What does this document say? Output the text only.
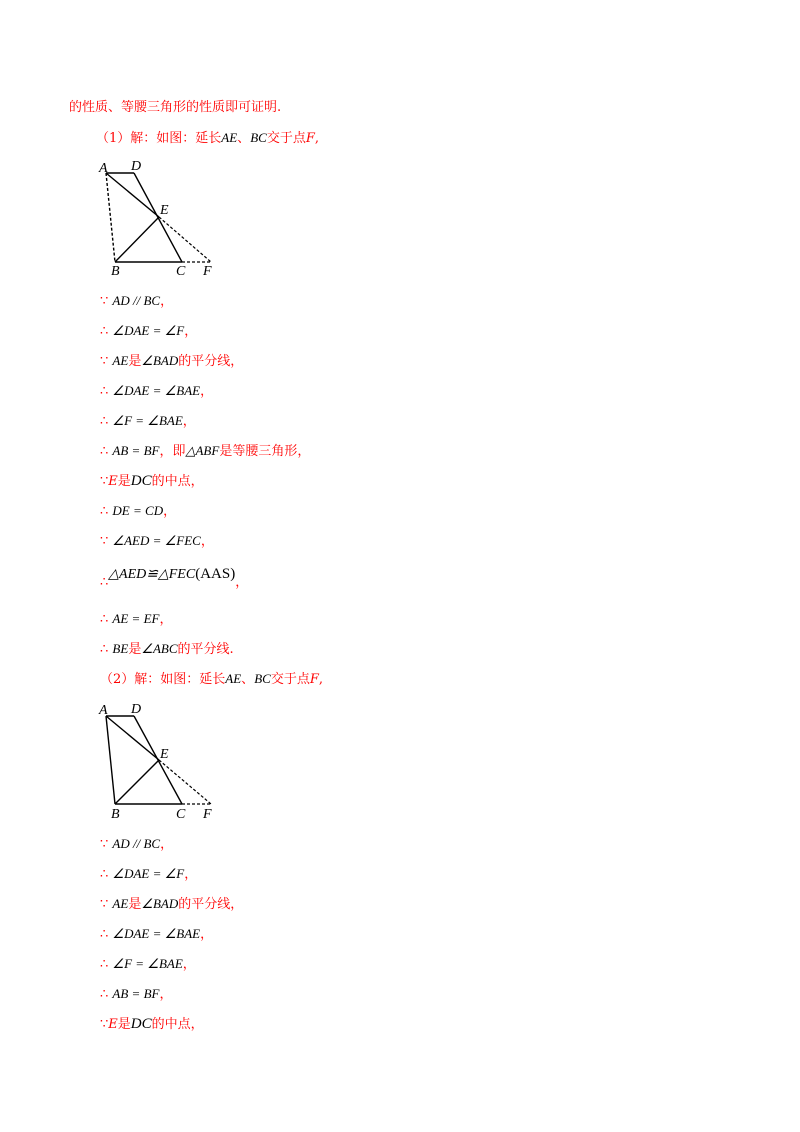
的性质、等腰三角形的性质即可证明.
（1）解：如图：延长AE、BC交于点F,
A D
E
B	C F
∵ AD // BC，
∴ ∠DAE = ∠F，
∵ AE是∠BAD的平分线，
∴ ∠DAE = ∠BAE，
∴ ∠F = ∠BAE，
∴ AB = BF，即△ABF是等腰三角形，
∵E是DC的中点，
∴ DE = CD，
∵ ∠AED = ∠FEC，
∴△AED≌△FEC(AAS)，
∴ AE = EF，
∴ BE是∠ABC的平分线.
（2）解：如图：延长AE、BC交于点F,
A D
E
B	C F
∵ AD // BC，
∴ ∠DAE = ∠F，
∵ AE是∠BAD的平分线，
∴ ∠DAE = ∠BAE，
∴ ∠F = ∠BAE，
∴ AB = BF，
∵E是DC的中点，
